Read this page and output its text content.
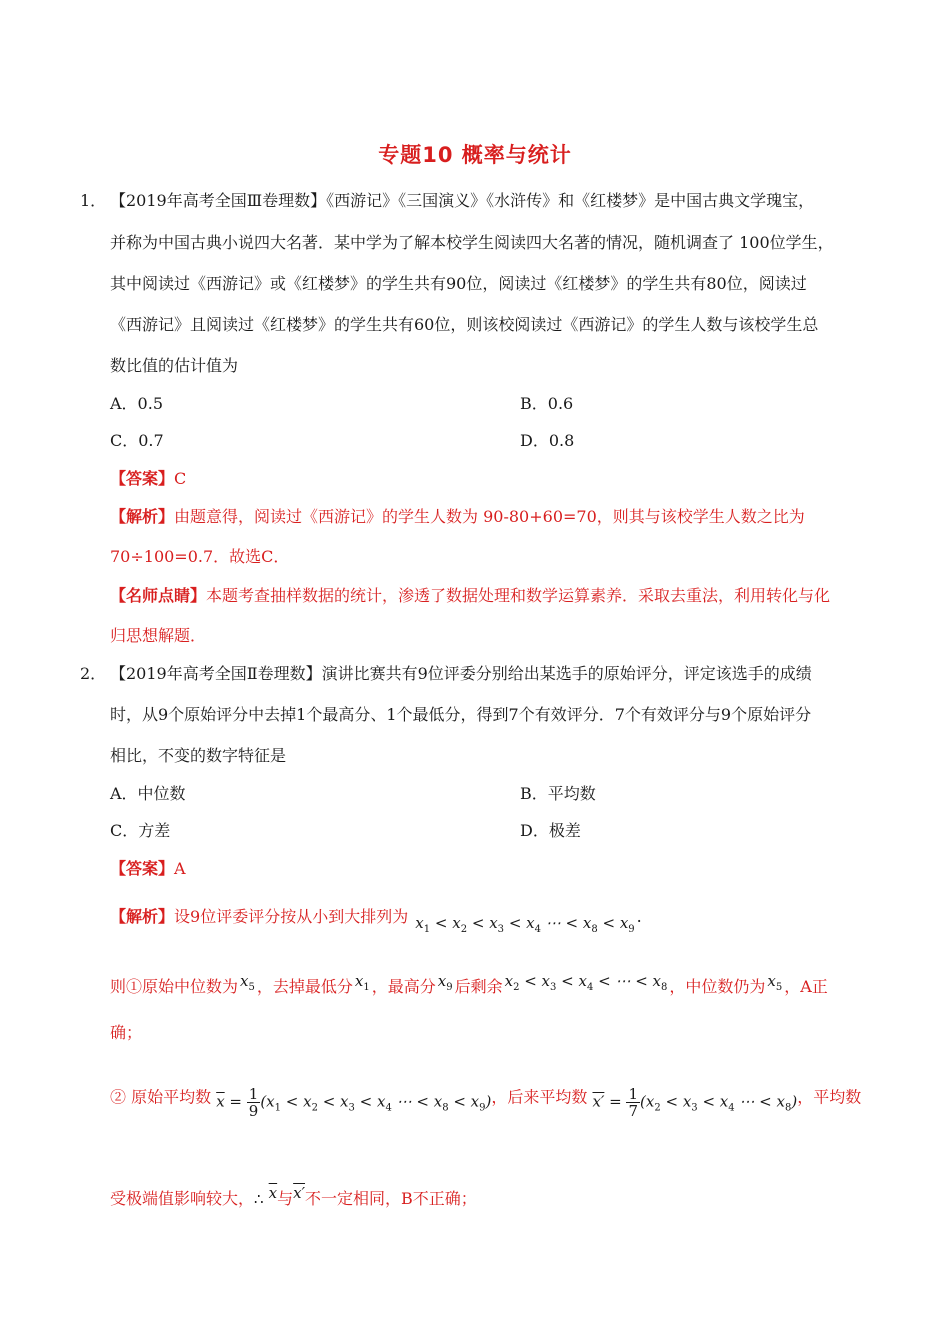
专题10 概率与统计
1． 【2019年高考全国Ⅲ卷理数】《西游记》《三国演义》《水浒传》和《红楼梦》是中国古典文学瑰宝，
并称为中国古典小说四大名著．某中学为了解本校学生阅读四大名著的情况，随机调查了 100位学生，
其中阅读过《西游记》或《红楼梦》的学生共有90位，阅读过《红楼梦》的学生共有80位，阅读过
《西游记》且阅读过《红楼梦》的学生共有60位，则该校阅读过《西游记》的学生人数与该校学生总
数比值的估计值为
A．0.5	B．0.6
C．0.7	D．0.8
【答案】C
【解析】由题意得，阅读过《西游记》的学生人数为 90-80+60=70，则其与该校学生人数之比为
70÷100=0.7．故选C．
【名师点睛】本题考查抽样数据的统计，渗透了数据处理和数学运算素养．采取去重法，利用转化与化
归思想解题．
2． 【2019年高考全国Ⅱ卷理数】演讲比赛共有9位评委分别给出某选手的原始评分，评定该选手的成绩
时，从9个原始评分中去掉1个最高分、1个最低分，得到7个有效评分．7个有效评分与9个原始评分
相比，不变的数字特征是
A．中位数	B．平均数
C．方差	D．极差
【答案】A
【解析】设9位评委评分按从小到大排列为 $x_1 < x_2 < x_3 < x_4$ ⋯ < $x_8 < x_9$.
则①原始中位数为 $x_5$ ，去掉最低分 $x_1$ ，最高分 $x_9$ 后剩余 $x_2 < x_3 < x_4$ < ⋯ < $x_8$ ，中位数仍为 $x_5$ ，A正
确；
② 原始平均数 $\overline{x} = \frac{1}{9} (x_1 < x_2 < x_3 < x_4$ ⋯ < $x_8 < x_9$)，后来平均数 $x' = \frac{1}{7} (x_2 < x_3 < x_4$ ⋯ < $x_8$)，平均数
受极端值影响较大，∴ $\overline{x}$与x′不一定相同，B不正确；
